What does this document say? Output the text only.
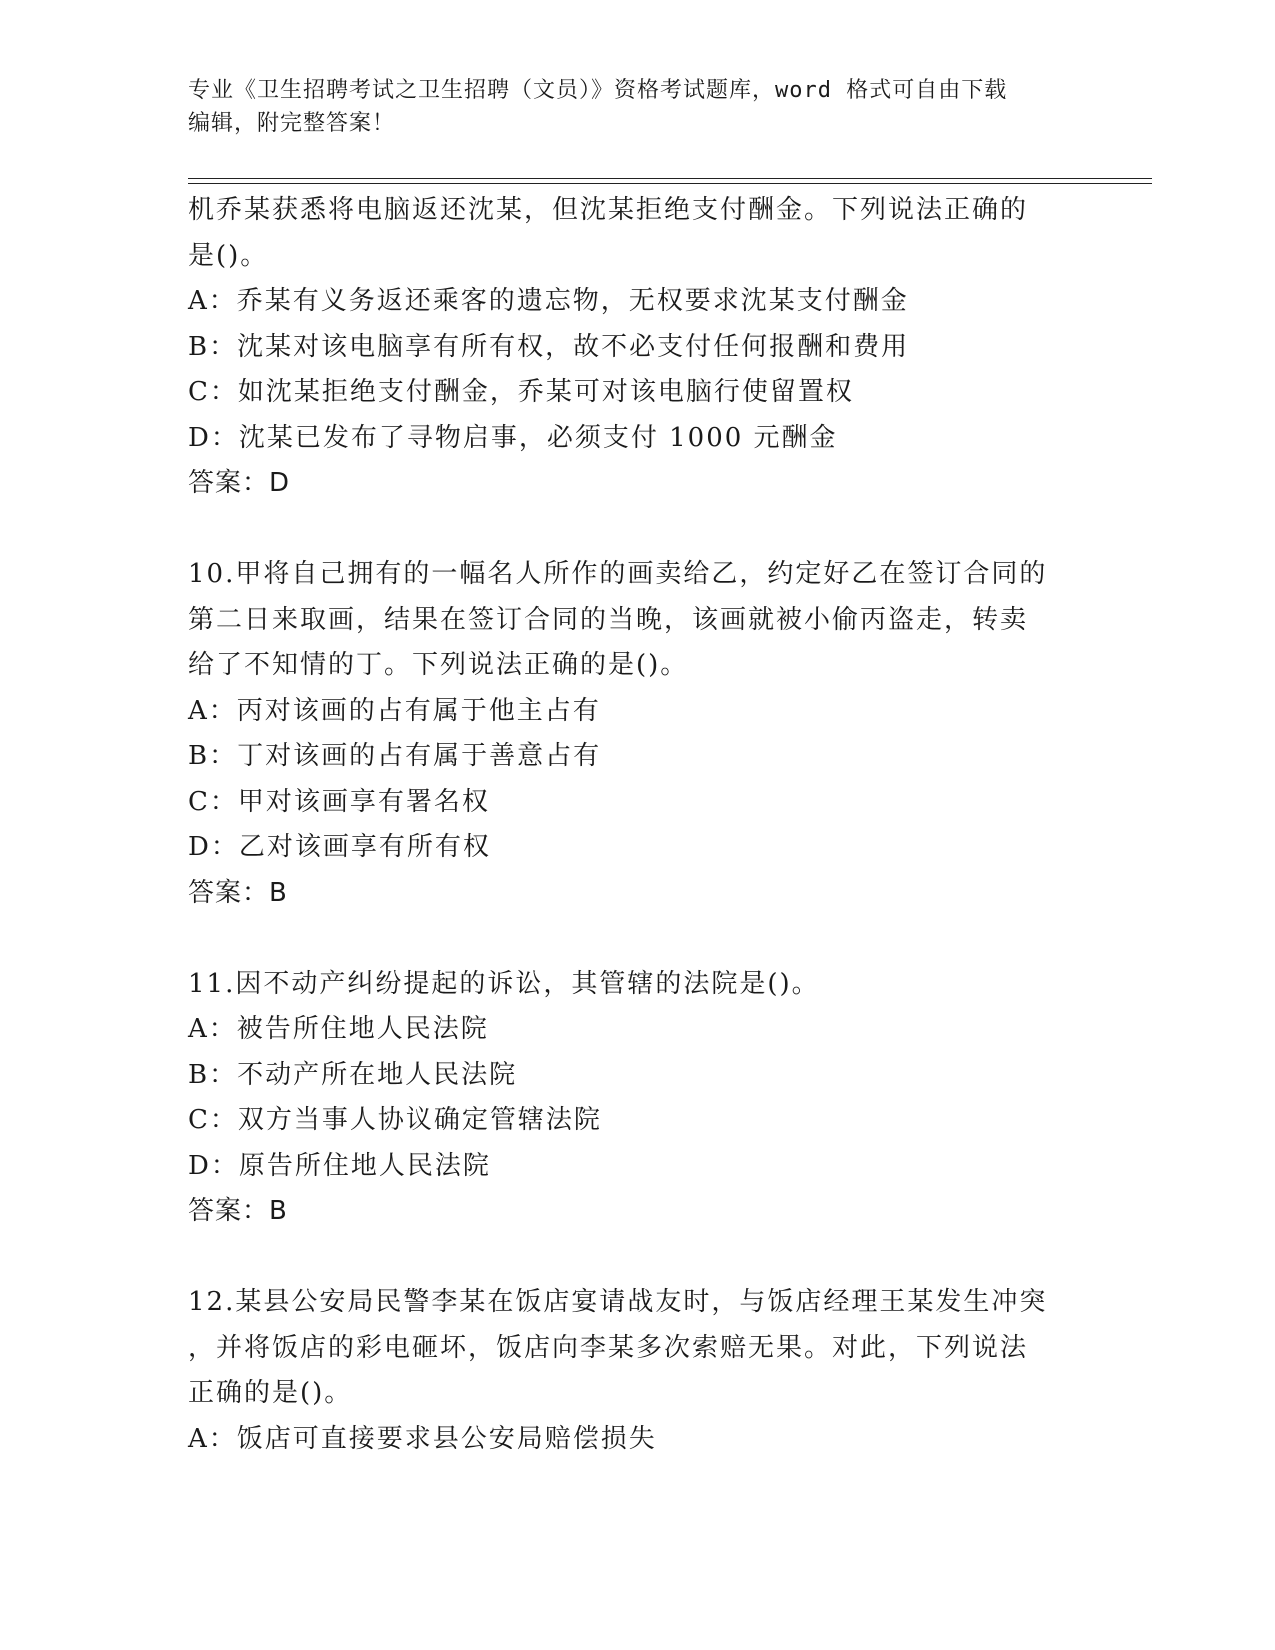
专业《卫生招聘考试之卫生招聘（文员）》资格考试题库，word 格式可自由下载
编辑，附完整答案！
机乔某获悉将电脑返还沈某，但沈某拒绝支付酬金。下列说法正确的
是()。
A：乔某有义务返还乘客的遗忘物，无权要求沈某支付酬金
B：沈某对该电脑享有所有权，故不必支付任何报酬和费用
C：如沈某拒绝支付酬金，乔某可对该电脑行使留置权
D：沈某已发布了寻物启事，必须支付 1000 元酬金
答案：D
10.甲将自己拥有的一幅名人所作的画卖给乙，约定好乙在签订合同的
第二日来取画，结果在签订合同的当晚，该画就被小偷丙盗走，转卖
给了不知情的丁。下列说法正确的是()。
A：丙对该画的占有属于他主占有
B：丁对该画的占有属于善意占有
C：甲对该画享有署名权
D：乙对该画享有所有权
答案：B
11.因不动产纠纷提起的诉讼，其管辖的法院是()。
A：被告所住地人民法院
B：不动产所在地人民法院
C：双方当事人协议确定管辖法院
D：原告所住地人民法院
答案：B
12.某县公安局民警李某在饭店宴请战友时，与饭店经理王某发生冲突
，并将饭店的彩电砸坏，饭店向李某多次索赔无果。对此，下列说法
正确的是()。
A：饭店可直接要求县公安局赔偿损失
